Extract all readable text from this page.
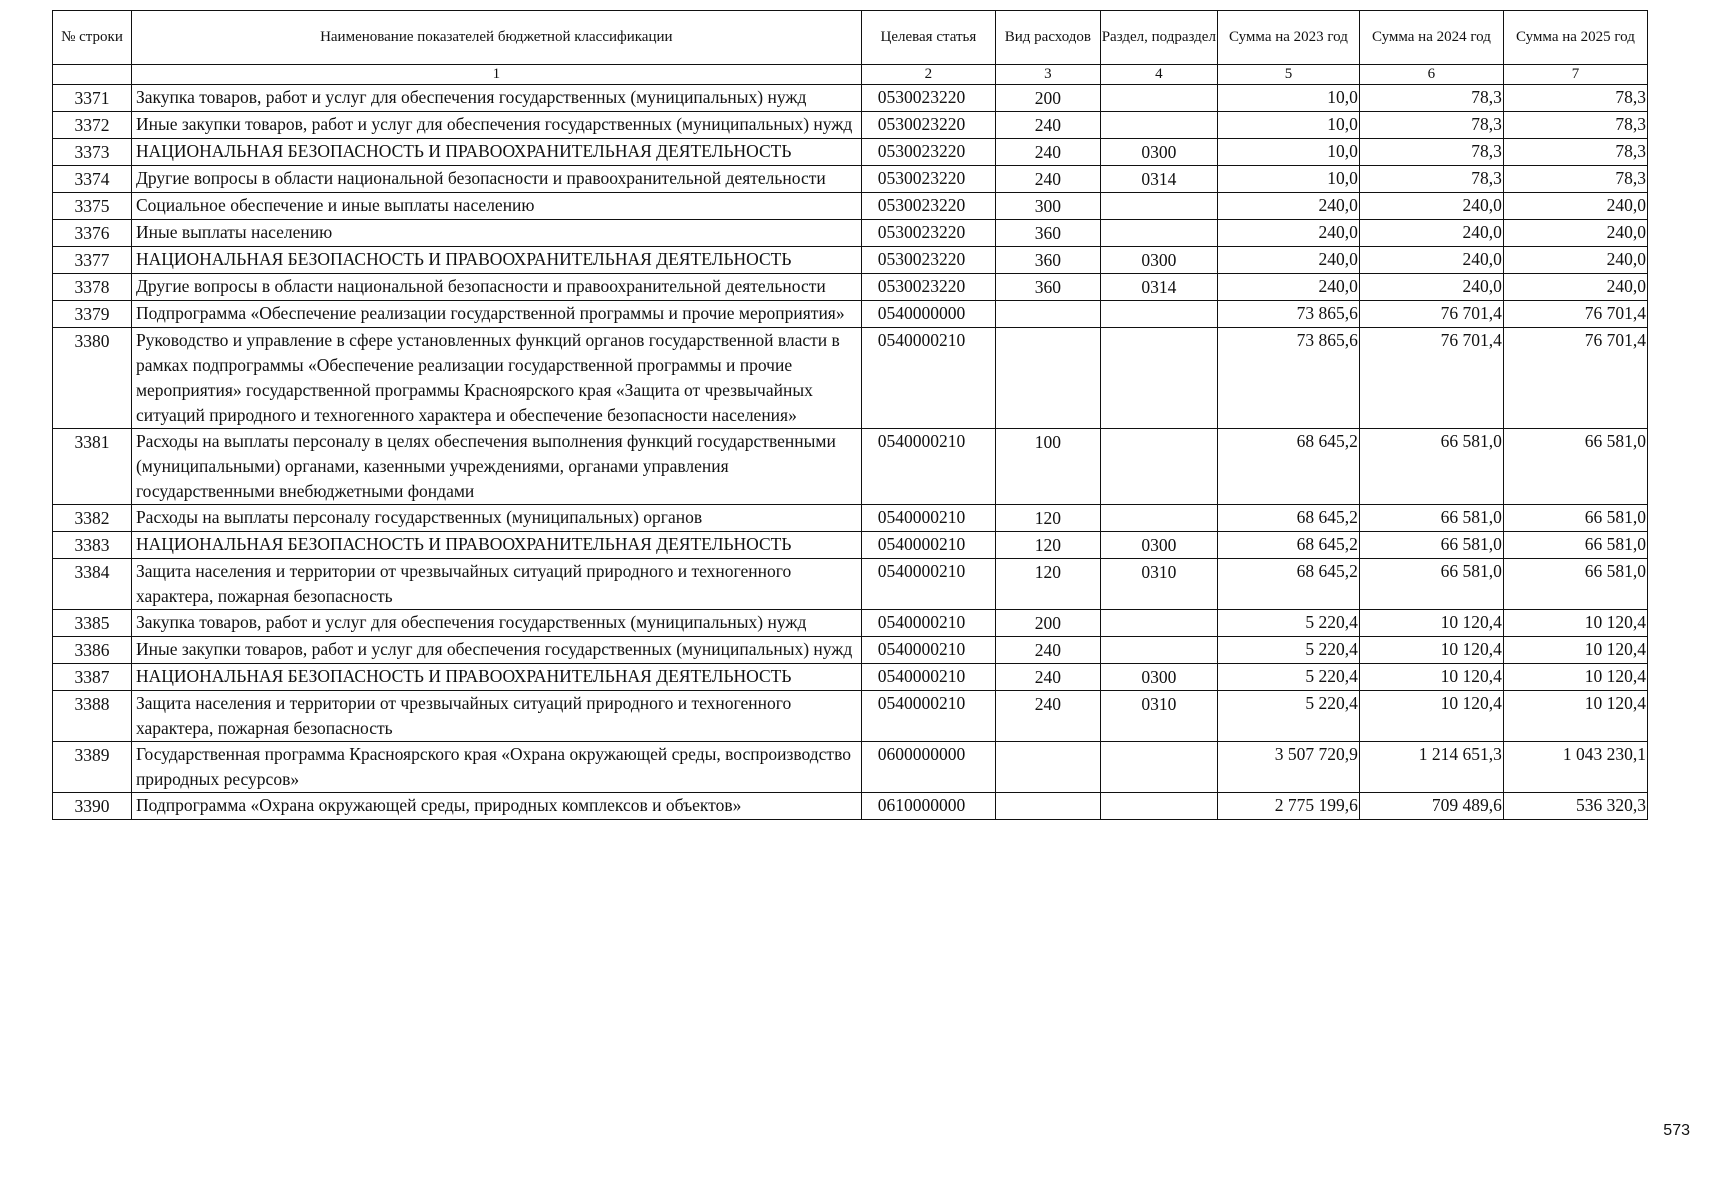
№ строки	Наименование показателей бюджетной классификации	Целевая статья	Вид расходов	Раздел, подраздел	Сумма на 2023 год	Сумма на 2024 год	Сумма на 2025 год
	1	2	3	4	5	6	7
3371	Закупка товаров, работ и услуг для обеспечения государственных (муниципальных) нужд	0530023220	200		10,0	78,3	78,3
3372	Иные закупки товаров, работ и услуг для обеспечения государственных (муниципальных) нужд	0530023220	240		10,0	78,3	78,3
3373	НАЦИОНАЛЬНАЯ БЕЗОПАСНОСТЬ И ПРАВООХРАНИТЕЛЬНАЯ ДЕЯТЕЛЬНОСТЬ	0530023220	240	0300	10,0	78,3	78,3
3374	Другие вопросы в области национальной безопасности и правоохранительной деятельности	0530023220	240	0314	10,0	78,3	78,3
3375	Социальное обеспечение и иные выплаты населению	0530023220	300		240,0	240,0	240,0
3376	Иные выплаты населению	0530023220	360		240,0	240,0	240,0
3377	НАЦИОНАЛЬНАЯ БЕЗОПАСНОСТЬ И ПРАВООХРАНИТЕЛЬНАЯ ДЕЯТЕЛЬНОСТЬ	0530023220	360	0300	240,0	240,0	240,0
3378	Другие вопросы в области национальной безопасности и правоохранительной деятельности	0530023220	360	0314	240,0	240,0	240,0
3379	Подпрограмма «Обеспечение реализации государственной программы и прочие мероприятия»	0540000000			73 865,6	76 701,4	76 701,4
3380	Руководство и управление в сфере установленных функций органов государственной власти в рамках подпрограммы «Обеспечение реализации государственной программы и прочие мероприятия» государственной программы Красноярского края «Защита от чрезвычайных ситуаций природного и техногенного характера и обеспечение безопасности населения»	0540000210			73 865,6	76 701,4	76 701,4
3381	Расходы на выплаты персоналу в целях обеспечения выполнения функций государственными (муниципальными) органами, казенными учреждениями, органами управления государственными внебюджетными фондами	0540000210	100		68 645,2	66 581,0	66 581,0
3382	Расходы на выплаты персоналу государственных (муниципальных) органов	0540000210	120		68 645,2	66 581,0	66 581,0
3383	НАЦИОНАЛЬНАЯ БЕЗОПАСНОСТЬ И ПРАВООХРАНИТЕЛЬНАЯ ДЕЯТЕЛЬНОСТЬ	0540000210	120	0300	68 645,2	66 581,0	66 581,0
3384	Защита населения и территории от чрезвычайных ситуаций природного и техногенного характера, пожарная безопасность	0540000210	120	0310	68 645,2	66 581,0	66 581,0
3385	Закупка товаров, работ и услуг для обеспечения государственных (муниципальных) нужд	0540000210	200		5 220,4	10 120,4	10 120,4
3386	Иные закупки товаров, работ и услуг для обеспечения государственных (муниципальных) нужд	0540000210	240		5 220,4	10 120,4	10 120,4
3387	НАЦИОНАЛЬНАЯ БЕЗОПАСНОСТЬ И ПРАВООХРАНИТЕЛЬНАЯ ДЕЯТЕЛЬНОСТЬ	0540000210	240	0300	5 220,4	10 120,4	10 120,4
3388	Защита населения и территории от чрезвычайных ситуаций природного и техногенного характера, пожарная безопасность	0540000210	240	0310	5 220,4	10 120,4	10 120,4
3389	Государственная программа Красноярского края «Охрана окружающей среды, воспроизводство природных ресурсов»	0600000000			3 507 720,9	1 214 651,3	1 043 230,1
3390	Подпрограмма «Охрана окружающей среды, природных комплексов и объектов»	0610000000			2 775 199,6	709 489,6	536 320,3
573
